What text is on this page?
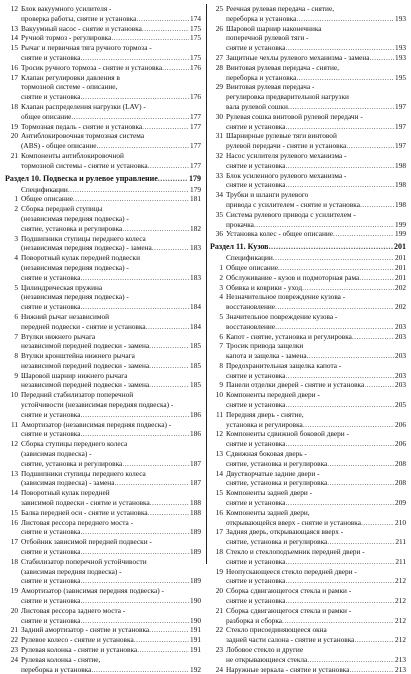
12 Блок вакуумного усилителя -
проверка работы, снятие и установка .....	174
13 Вакуумный насос - снятие и установка .....	175
14 Ручной тормоз - регулировка .....	175
15 Рычаг и первичная тяга ручного тормоза -
снятие и установка .....	175
16 Тросик ручного тормоза - снятие и установка .....	176
17 Клапан регулировки давления в
тормозной системе - описание,
снятие и установка .....	176
18 Клапан распределения нагрузки (LAV) -
общее описание .....	177
19 Тормозная педаль - снятие и установка .....	177
20 Антиблокировочная тормозная система
(ABS) - общее описание .....	177
21 Компоненты антиблокировочной
тормозной системы - снятие и установка .....	177
Раздел 10. Подвеска и рулевое управление .....	179
Спецификации .....	179
1 Общее описание .....	181
2 Сборка передней ступицы
(независимая передняя подвеска) -
снятие, установка и регулировка .....	182
3 Подшипники ступицы переднего колеса
(независимая передняя подвеска) - замена .....	183
4 Поворотный кулак передней подвески
(независимая передняя подвеска) -
снятие и установка .....	183
5 Цилиндрическая пружина
(независимая передняя подвеска) -
снятие и установка .....	184
6 Нижний рычаг независимой
передней подвески - снятие и установка .....	184
7 Втулки нижнего рычага
независимой передней подвески - замена .....	185
8 Втулки кронштейна нижнего рычага
независимой передней подвески - замена .....	185
9 Шаровой шарнир нижнего рычага
независимой передней подвески - замена .....	185
10 Передний стабилизатор поперечной
устойчивости (независимая передняя подвеска) -
снятие и установка .....	186
11 Амортизатор (независимая передняя подвеска) -
снятие и установка .....	186
12 Сборка ступицы переднего колеса
(зависимая подвеска) -
снятие, установка и регулировка .....	187
13 Подшипники ступицы переднего колеса
(зависимая подвеска) - замена .....	187
14 Поворотный кулак передней
зависимой подвески - снятие и установка .....	188
15 Балка передней оси - снятие и установка .....	188
16 Листовая рессора переднего моста -
снятие и установка .....	189
17 Отбойник зависимой передней подвески -
снятие и установка .....	189
18 Стабилизатор поперечной устойчивости
(зависимая передняя подвеска) -
снятие и установка .....	189
19 Амортизатор (зависимая передняя подвеска) -
снятие и установка .....	190
20 Листовая рессора заднего моста -
снятие и установка .....	190
21 Задний амортизатор - снятие и установка .....	191
22 Рулевое колесо - снятие и установка .....	191
23 Рулевая колонка - снятие и установка .....	191
24 Рулевая колонка - снятие,
переборка и установка .....	192
25 Реечная рулевая передача - снятие,
переборка и установка .....	193
26 Шаровой шарнир наконечника
поперечной рулевой тяги -
снятие и установка .....	193
27 Защитные чехлы рулевого механизма - замена .....	193
28 Винтовая рулевая передача - снятие,
переборка и установка .....	195
29 Винтовая рулевая передача -
регулировка предварительной нагрузки
вала рулевой сошки .....	197
30 Рулевая сошка винтовой рулевой передачи -
снятие и установка .....	197
31 Шарнирные рулевые тяги винтовой
рулевой передачи - снятие и установка .....	197
32 Насос усилителя рулевого механизма -
снятие и установка .....	198
33 Блок усиленного рулевого механизма -
снятие и установка .....	198
34 Трубки и шланги рулевого
привода с усилителем - снятие и установка .....	198
35 Система рулевого привода с усилителем -
прокачка .....	199
36 Установка колес - общее описание .....	199
Раздел 11. Кузов .....	201
Спецификации .....	201
1 Общее описание .....	201
2 Обслуживание - кузов и подмоторная рама .....	201
3 Обивка и коврики - уход .....	202
4 Незначительное повреждение кузова -
восстановление .....	202
5 Значительное повреждение кузова -
восстановление .....	203
6 Капот - снятие, установка и регулировка .....	203
7 Тросик привода защелки
капота и защелка - замена .....	203
8 Предохранительная защелка капота -
снятие и установка .....	203
9 Панели отделки дверей - снятие и установка .....	203
10 Компоненты передней двери -
снятие и установка .....	205
11 Передняя дверь - снятие,
установка и регулировка .....	206
12 Компоненты сдвижной боковой двери -
снятие и установка .....	206
13 Сдвижная боковая дверь -
снятие, установка и регулировка .....	208
14 Двустворчатые задние двери -
снятие, установка и регулировка .....	208
15 Компоненты задней двери -
снятие и установка .....	209
16 Компоненты задней двери,
открывающейся вверх - снятие и установка .....	210
17 Задняя дверь, открывающаяся вверх -
снятие, установка и регулировка .....	211
18 Стекло и стеклоподъемник передней двери -
снятие и установка .....	211
19 Неопускающееся стекло передней двери -
снятие и установка .....	212
20 Сборка сдвигающегося стекла и рамки -
снятие и установка .....	212
21 Сборка сдвигающегося стекла и рамки -
разборка и сборка .....	212
22 Стекло присоединяющееся окна
задней части салона - снятие и установка .....	212
23 Лобовое стекло и другие
не открывающиеся стекла .....	213
24 Наружные зеркала - снятие и установка .....	213
